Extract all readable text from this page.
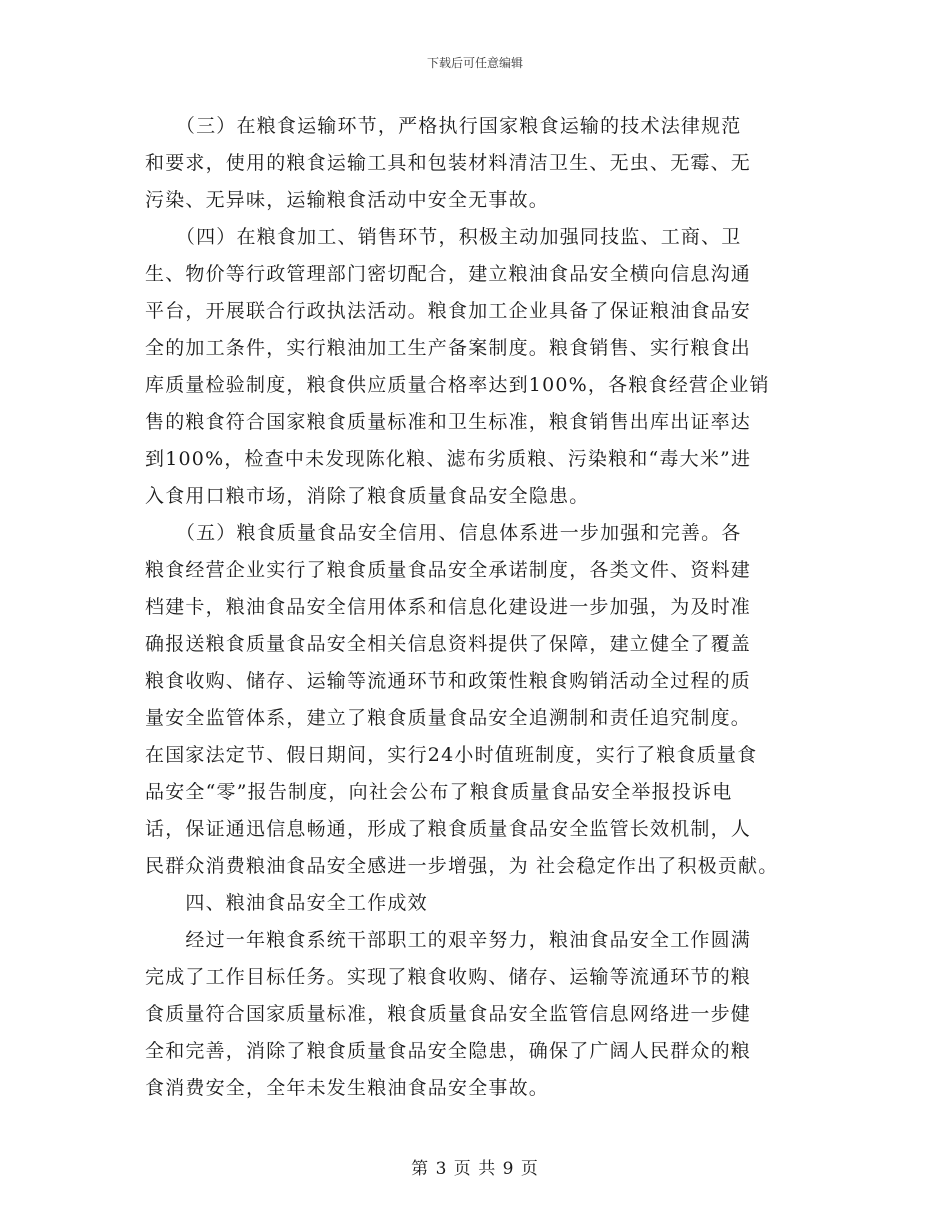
下载后可任意编辑
　　（三）在粮食运输环节，严格执行国家粮食运输的技术法律规范
和要求，使用的粮食运输工具和包装材料清洁卫生、无虫、无霉、无
污染、无异味，运输粮食活动中安全无事故。
　　（四）在粮食加工、销售环节，积极主动加强同技监、工商、卫
生、物价等行政管理部门密切配合，建立粮油食品安全横向信息沟通
平台，开展联合行政执法活动。粮食加工企业具备了保证粮油食品安
全的加工条件，实行粮油加工生产备案制度。粮食销售、实行粮食出
库质量检验制度，粮食供应质量合格率达到100%，各粮食经营企业销
售的粮食符合国家粮食质量标准和卫生标准，粮食销售出库出证率达
到100%，检查中未发现陈化粮、滤布劣质粮、污染粮和“毒大米”进
入食用口粮市场，消除了粮食质量食品安全隐患。
　　（五）粮食质量食品安全信用、信息体系进一步加强和完善。各
粮食经营企业实行了粮食质量食品安全承诺制度，各类文件、资料建
档建卡，粮油食品安全信用体系和信息化建设进一步加强，为及时准
确报送粮食质量食品安全相关信息资料提供了保障，建立健全了覆盖
粮食收购、储存、运输等流通环节和政策性粮食购销活动全过程的质
量安全监管体系，建立了粮食质量食品安全追溯制和责任追究制度。
在国家法定节、假日期间，实行24小时值班制度，实行了粮食质量食
品安全“零”报告制度，向社会公布了粮食质量食品安全举报投诉电
话，保证通迅信息畅通，形成了粮食质量食品安全监管长效机制，人
民群众消费粮油食品安全感进一步增强，为 社会稳定作出了积极贡献。
　　四、粮油食品安全工作成效
　　经过一年粮食系统干部职工的艰辛努力，粮油食品安全工作圆满
完成了工作目标任务。实现了粮食收购、储存、运输等流通环节的粮
食质量符合国家质量标准，粮食质量食品安全监管信息网络进一步健
全和完善，消除了粮食质量食品安全隐患，确保了广阔人民群众的粮
食消费安全，全年未发生粮油食品安全事故。
第 3 页 共 9 页
